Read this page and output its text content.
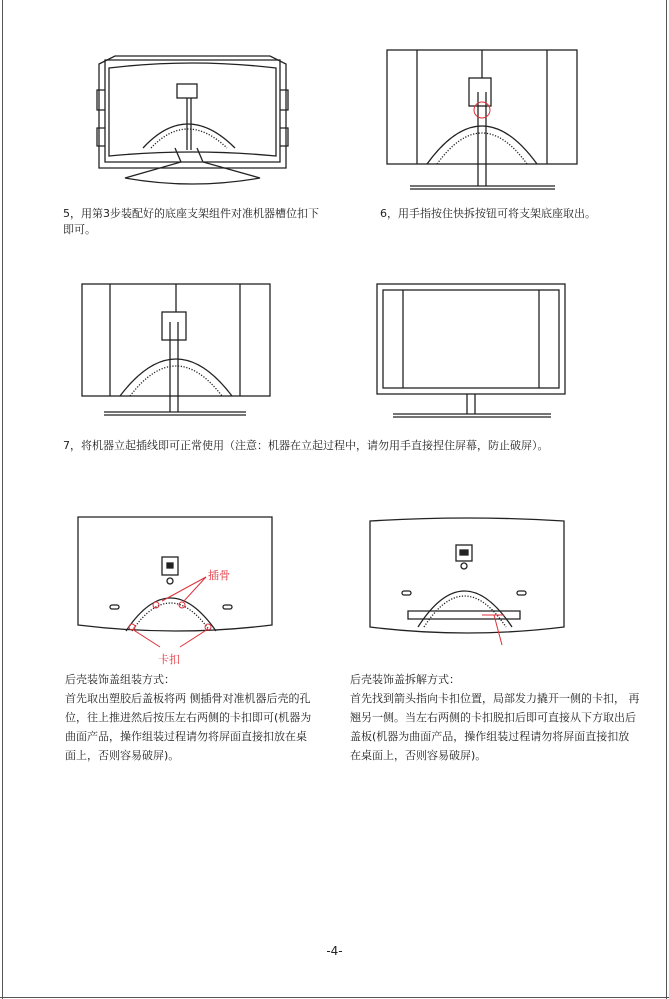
5，用第3步装配好的底座支架组件对准机器槽位扣下
即可。
6，用手指按住快拆按钮可将支架底座取出。
7，将机器立起插线即可正常使用（注意：机器在立起过程中，请勿用手直接捏住屏幕，防止破屏）。
插骨
卡扣
后壳装饰盖组装方式：
首先取出塑胶后盖板将两 侧插骨对准机器后壳的孔位，往上推进然后按压左右两侧的卡扣即可(机器为曲面产品，操作组装过程请勿将屏面直接扣放在桌面上，否则容易破屏)。
后壳装饰盖拆解方式：
首先找到箭头指向卡扣位置，局部发力撬开一侧的卡扣， 再翘另一侧。当左右两侧的卡扣脱扣后即可直接从下方取出后盖板(机器为曲面产品，操作组装过程请勿将屏面直接扣放在桌面上，否则容易破屏)。
-4-
